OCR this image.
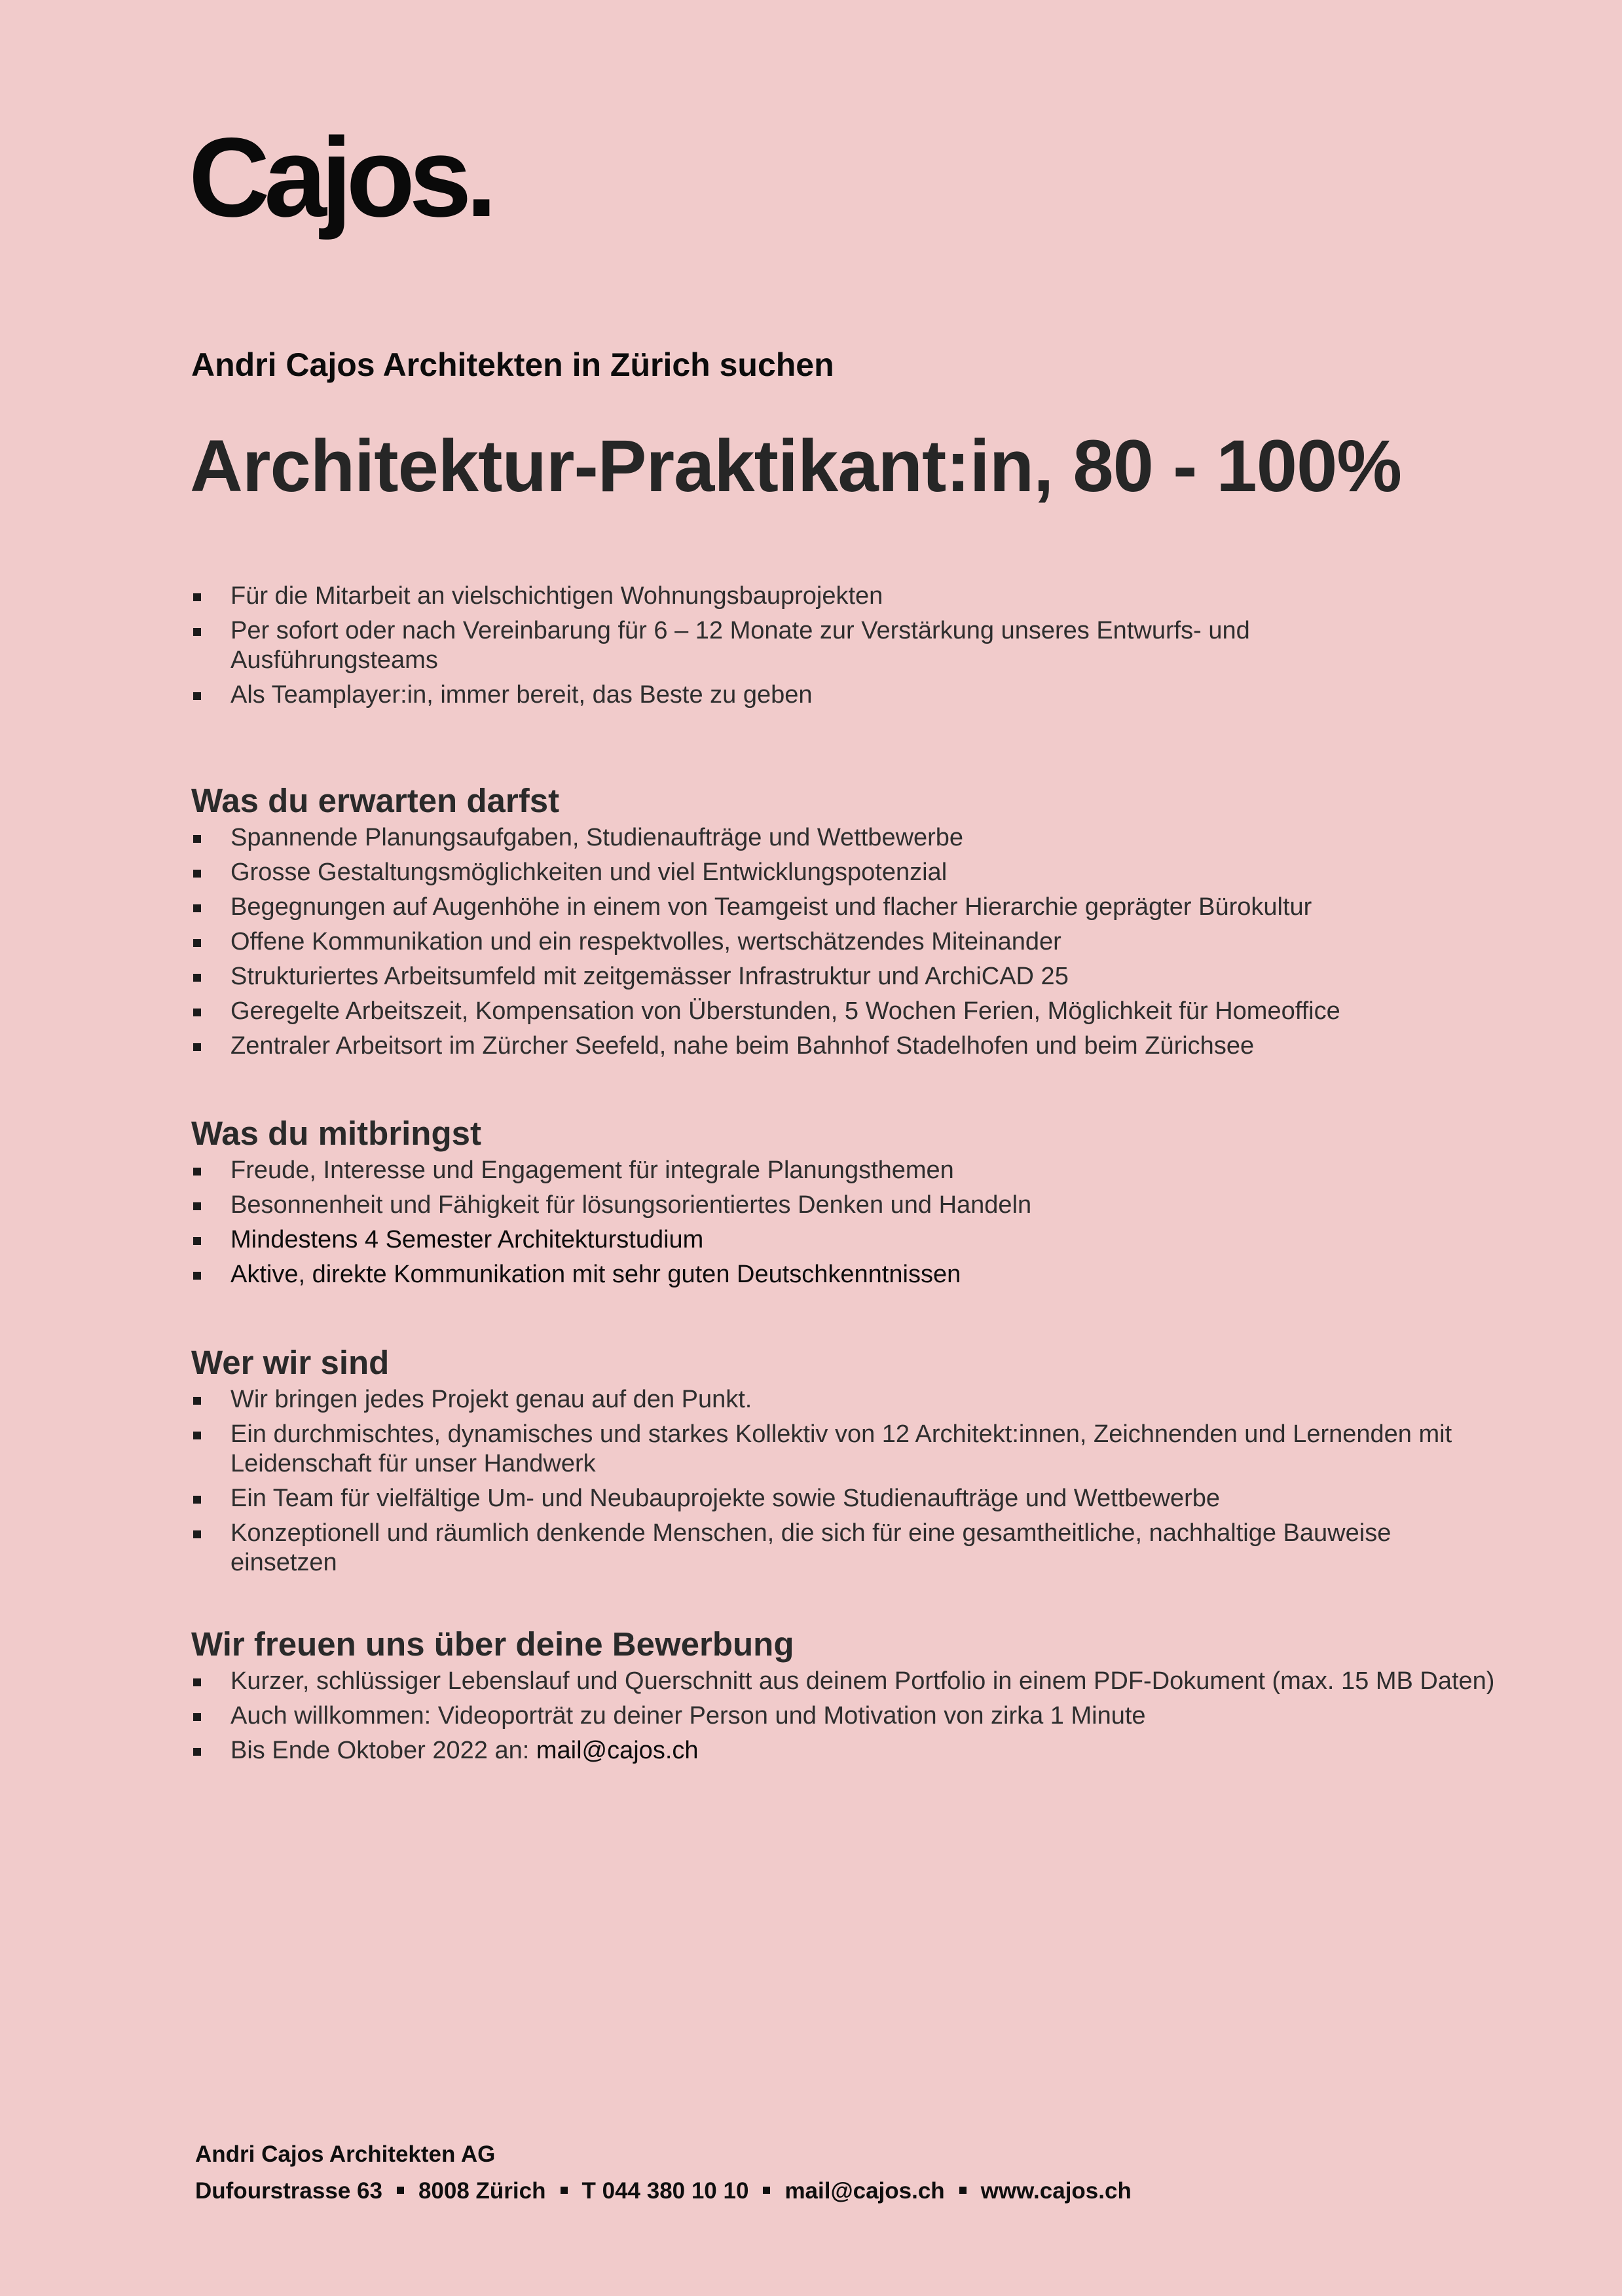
Cajos.
Andri Cajos Architekten in Zürich suchen
Architektur-Praktikant:in, 80 - 100%
Für die Mitarbeit an vielschichtigen Wohnungsbauprojekten
Per sofort oder nach Vereinbarung für 6 – 12 Monate zur Verstärkung unseres Entwurfs- und Ausführungsteams
Als Teamplayer:in, immer bereit, das Beste zu geben
Was du erwarten darfst
Spannende Planungsaufgaben, Studienaufträge und Wettbewerbe
Grosse Gestaltungsmöglichkeiten und viel Entwicklungspotenzial
Begegnungen auf Augenhöhe in einem von Teamgeist und flacher Hierarchie geprägter Bürokultur
Offene Kommunikation und ein respektvolles, wertschätzendes Miteinander
Strukturiertes Arbeitsumfeld mit zeitgemässer Infrastruktur und ArchiCAD 25
Geregelte Arbeitszeit, Kompensation von Überstunden, 5 Wochen Ferien, Möglichkeit für Homeoffice
Zentraler Arbeitsort im Zürcher Seefeld, nahe beim Bahnhof Stadelhofen und beim Zürichsee
Was du mitbringst
Freude, Interesse und Engagement für integrale Planungsthemen
Besonnenheit und Fähigkeit für lösungsorientiertes Denken und Handeln
Mindestens 4 Semester Architekturstudium
Aktive, direkte Kommunikation mit sehr guten Deutschkenntnissen
Wer wir sind
Wir bringen jedes Projekt genau auf den Punkt.
Ein durchmischtes, dynamisches und starkes Kollektiv von 12 Architekt:innen, Zeichnenden und Lernenden mit Leidenschaft für unser Handwerk
Ein Team für vielfältige Um- und Neubauprojekte sowie Studienaufträge und Wettbewerbe
Konzeptionell und räumlich denkende Menschen, die sich für eine gesamtheitliche, nachhaltige Bauweise einsetzen
Wir freuen uns über deine Bewerbung
Kurzer, schlüssiger Lebenslauf und Querschnitt aus deinem Portfolio in einem PDF-Dokument (max. 15 MB Daten)
Auch willkommen: Videoporträt zu deiner Person und Motivation von zirka 1 Minute
Bis Ende Oktober 2022 an: mail@cajos.ch
Andri Cajos Architekten AG
Dufourstrasse 63 8008 Zürich T 044 380 10 10 mail@cajos.ch www.cajos.ch
